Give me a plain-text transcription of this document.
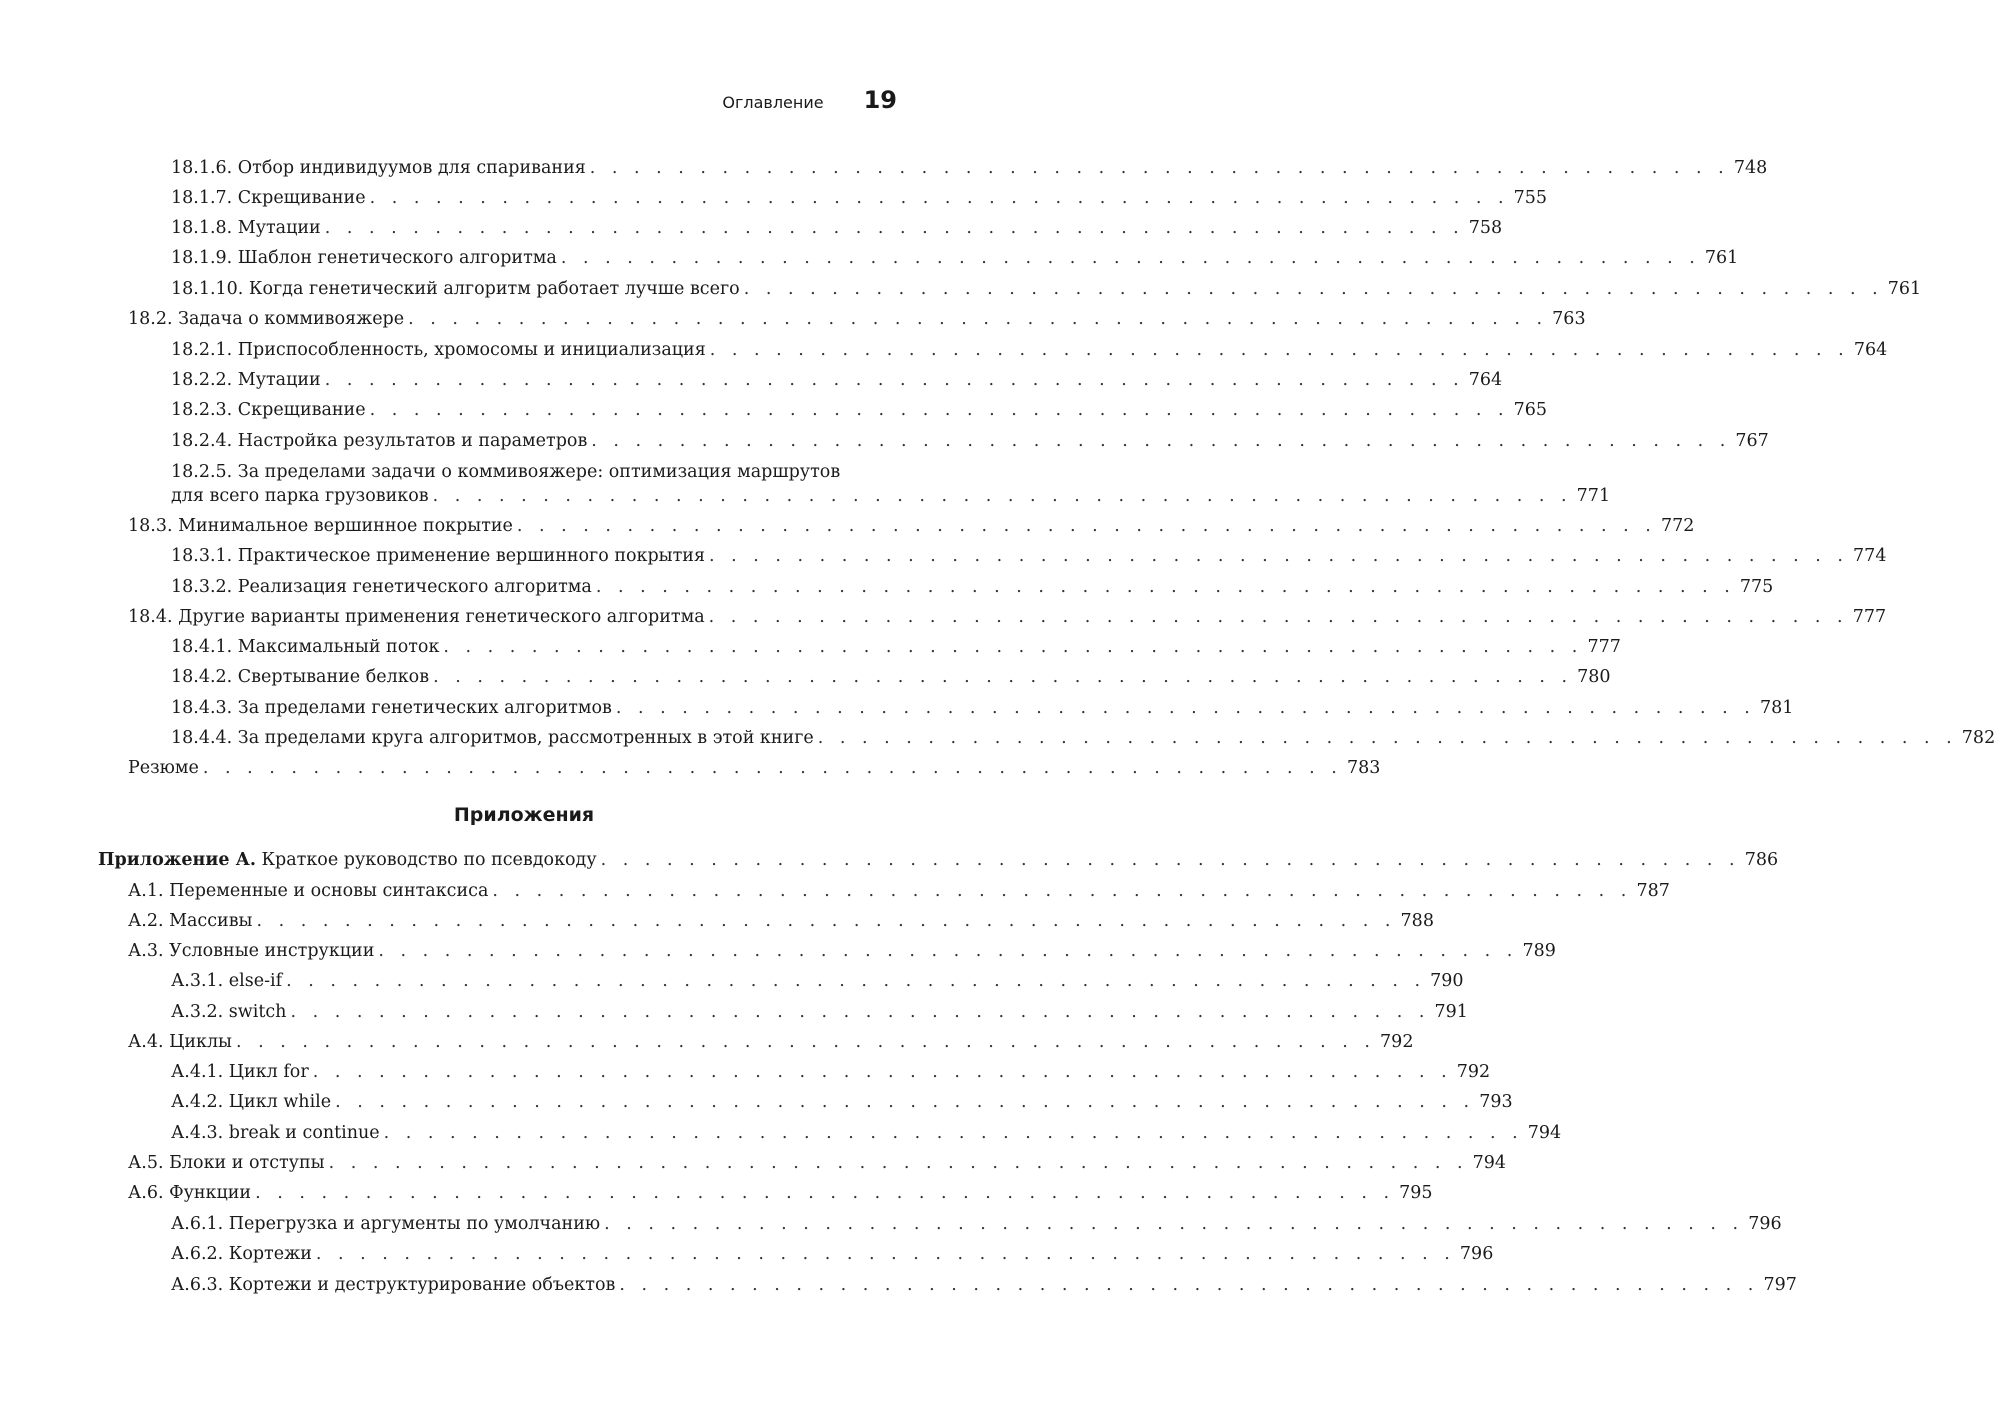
Оглавление 19
18.1.6. Отбор индивидуумов для спаривания . . . . . . . . . . . . . . . . . . . . . . . . . . . . . . . . . . . . . . . . . . . . . . . . . . . . 748
18.1.7. Скрещивание . . . . . . . . . . . . . . . . . . . . . . . . . . . . . . . . . . . . . . . . . . . . . . . . . . . . 755
18.1.8. Мутации . . . . . . . . . . . . . . . . . . . . . . . . . . . . . . . . . . . . . . . . . . . . . . . . . . . . 758
18.1.9. Шаблон генетического алгоритма . . . . . . . . . . . . . . . . . . . . . . . . . . . . . . . . . . . . . . . . . . . . . . . . . . . . 761
18.1.10. Когда генетический алгоритм работает лучше всего . . . . . . . . . . . . . . . . . . . . . . . . . . . . . . . . . . . . . . . . . . . . . . . . . . . . 761
18.2. Задача о коммивояжере . . . . . . . . . . . . . . . . . . . . . . . . . . . . . . . . . . . . . . . . . . . . . . . . . . . . 763
18.2.1. Приспособленность, хромосомы и инициализация . . . . . . . . . . . . . . . . . . . . . . . . . . . . . . . . . . . . . . . . . . . . . . . . . . . . 764
18.2.2. Мутации . . . . . . . . . . . . . . . . . . . . . . . . . . . . . . . . . . . . . . . . . . . . . . . . . . . . 764
18.2.3. Скрещивание . . . . . . . . . . . . . . . . . . . . . . . . . . . . . . . . . . . . . . . . . . . . . . . . . . . . 765
18.2.4. Настройка результатов и параметров . . . . . . . . . . . . . . . . . . . . . . . . . . . . . . . . . . . . . . . . . . . . . . . . . . . . 767
18.2.5. За пределами задачи о коммивояжере: оптимизация маршрутов
для всего парка грузовиков . . . . . . . . . . . . . . . . . . . . . . . . . . . . . . . . . . . . . . . . . . . . . . . . . . . . 771
18.3. Минимальное вершинное покрытие . . . . . . . . . . . . . . . . . . . . . . . . . . . . . . . . . . . . . . . . . . . . . . . . . . . . 772
18.3.1. Практическое применение вершинного покрытия . . . . . . . . . . . . . . . . . . . . . . . . . . . . . . . . . . . . . . . . . . . . . . . . . . . . 774
18.3.2. Реализация генетического алгоритма . . . . . . . . . . . . . . . . . . . . . . . . . . . . . . . . . . . . . . . . . . . . . . . . . . . . 775
18.4. Другие варианты применения генетического алгоритма . . . . . . . . . . . . . . . . . . . . . . . . . . . . . . . . . . . . . . . . . . . . . . . . . . . . 777
18.4.1. Максимальный поток . . . . . . . . . . . . . . . . . . . . . . . . . . . . . . . . . . . . . . . . . . . . . . . . . . . . 777
18.4.2. Свертывание белков . . . . . . . . . . . . . . . . . . . . . . . . . . . . . . . . . . . . . . . . . . . . . . . . . . . . 780
18.4.3. За пределами генетических алгоритмов . . . . . . . . . . . . . . . . . . . . . . . . . . . . . . . . . . . . . . . . . . . . . . . . . . . . 781
18.4.4. За пределами круга алгоритмов, рассмотренных в этой книге . . . . . . . . . . . . . . . . . . . . . . . . . . . . . . . . . . . . . . . . . . . . . . . . . . . . 782
Резюме . . . . . . . . . . . . . . . . . . . . . . . . . . . . . . . . . . . . . . . . . . . . . . . . . . . . 783
Приложения
Приложение А. Краткое руководство по псевдокоду . . . . . . . . . . . . . . . . . . . . . . . . . . . . . . . . . . . . . . . . . . . . . . . . . . . . 786
А.1. Переменные и основы синтаксиса . . . . . . . . . . . . . . . . . . . . . . . . . . . . . . . . . . . . . . . . . . . . . . . . . . . . 787
А.2. Массивы . . . . . . . . . . . . . . . . . . . . . . . . . . . . . . . . . . . . . . . . . . . . . . . . . . . . 788
А.3. Условные инструкции . . . . . . . . . . . . . . . . . . . . . . . . . . . . . . . . . . . . . . . . . . . . . . . . . . . . 789
А.3.1. else-if . . . . . . . . . . . . . . . . . . . . . . . . . . . . . . . . . . . . . . . . . . . . . . . . . . . . 790
А.3.2. switch . . . . . . . . . . . . . . . . . . . . . . . . . . . . . . . . . . . . . . . . . . . . . . . . . . . . 791
А.4. Циклы . . . . . . . . . . . . . . . . . . . . . . . . . . . . . . . . . . . . . . . . . . . . . . . . . . . . 792
А.4.1. Цикл for . . . . . . . . . . . . . . . . . . . . . . . . . . . . . . . . . . . . . . . . . . . . . . . . . . . . 792
А.4.2. Цикл while . . . . . . . . . . . . . . . . . . . . . . . . . . . . . . . . . . . . . . . . . . . . . . . . . . . . 793
А.4.3. break и continue . . . . . . . . . . . . . . . . . . . . . . . . . . . . . . . . . . . . . . . . . . . . . . . . . . . . 794
А.5. Блоки и отступы . . . . . . . . . . . . . . . . . . . . . . . . . . . . . . . . . . . . . . . . . . . . . . . . . . . . 794
А.6. Функции . . . . . . . . . . . . . . . . . . . . . . . . . . . . . . . . . . . . . . . . . . . . . . . . . . . . 795
А.6.1. Перегрузка и аргументы по умолчанию . . . . . . . . . . . . . . . . . . . . . . . . . . . . . . . . . . . . . . . . . . . . . . . . . . . . 796
А.6.2. Кортежи . . . . . . . . . . . . . . . . . . . . . . . . . . . . . . . . . . . . . . . . . . . . . . . . . . . . 796
А.6.3. Кортежи и деструктурирование объектов . . . . . . . . . . . . . . . . . . . . . . . . . . . . . . . . . . . . . . . . . . . . . . . . . . . . 797
